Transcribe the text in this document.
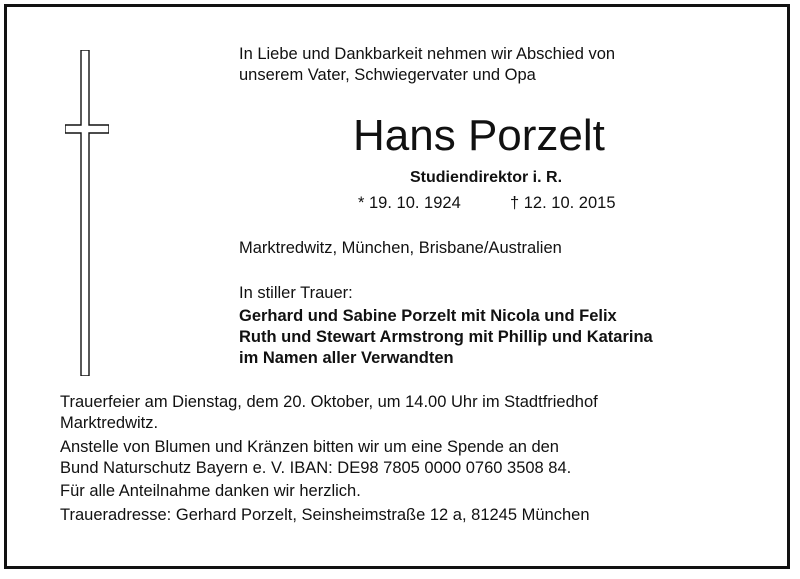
In Liebe und Dankbarkeit nehmen wir Abschied von
unserem Vater, Schwiegervater und Opa
Hans Porzelt
Studiendirektor i. R.
* 19. 10. 1924	† 12. 10. 2015
Marktredwitz, München, Brisbane/Australien
In stiller Trauer:
Gerhard und Sabine Porzelt mit Nicola und Felix
Ruth und Stewart Armstrong mit Phillip und Katarina
im Namen aller Verwandten
Trauerfeier am Dienstag, dem 20. Oktober, um 14.00 Uhr im Stadtfriedhof
Marktredwitz.
Anstelle von Blumen und Kränzen bitten wir um eine Spende an den
Bund Naturschutz Bayern e. V. IBAN: DE98 7805 0000 0760 3508 84.
Für alle Anteilnahme danken wir herzlich.
Traueradresse: Gerhard Porzelt, Seinsheimstraße 12 a, 81245 München
